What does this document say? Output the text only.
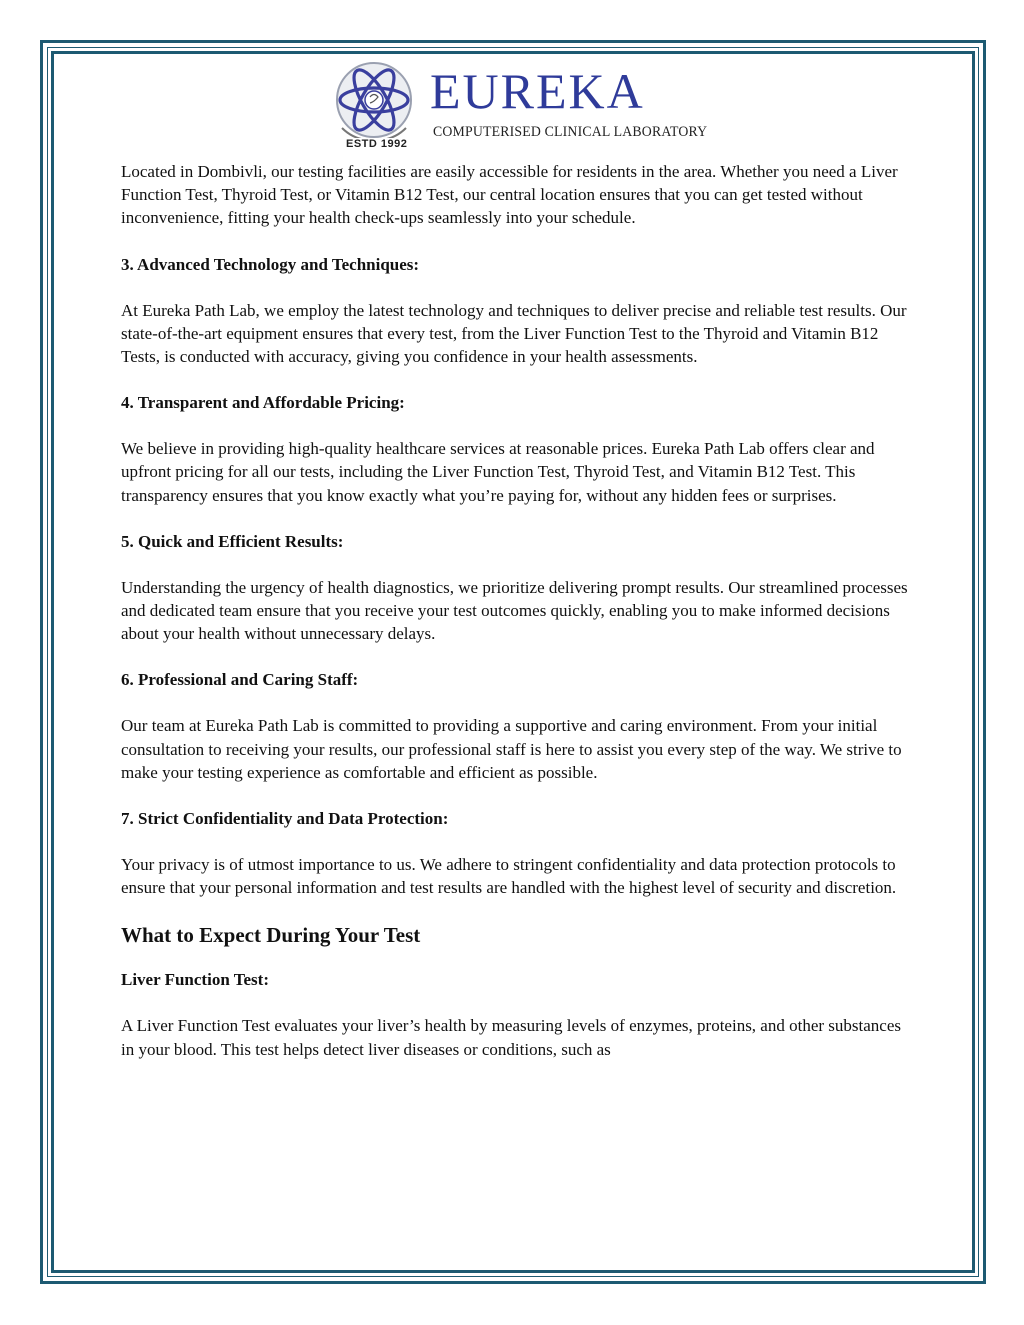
ESTD 1992
EUREKA
COMPUTERISED CLINICAL LABORATORY

Located in Dombivli, our testing facilities are easily accessible for residents in the area. Whether you need a Liver Function Test, Thyroid Test, or Vitamin B12 Test, our central location ensures that you can get tested without inconvenience, fitting your health check-ups seamlessly into your schedule.

3. Advanced Technology and Techniques:

At Eureka Path Lab, we employ the latest technology and techniques to deliver precise and reliable test results. Our state-of-the-art equipment ensures that every test, from the Liver Function Test to the Thyroid and Vitamin B12 Tests, is conducted with accuracy, giving you confidence in your health assessments.

4. Transparent and Affordable Pricing:

We believe in providing high-quality healthcare services at reasonable prices. Eureka Path Lab offers clear and upfront pricing for all our tests, including the Liver Function Test, Thyroid Test, and Vitamin B12 Test. This transparency ensures that you know exactly what you’re paying for, without any hidden fees or surprises.

5. Quick and Efficient Results:

Understanding the urgency of health diagnostics, we prioritize delivering prompt results. Our streamlined processes and dedicated team ensure that you receive your test outcomes quickly, enabling you to make informed decisions about your health without unnecessary delays.

6. Professional and Caring Staff:

Our team at Eureka Path Lab is committed to providing a supportive and caring environment. From your initial consultation to receiving your results, our professional staff is here to assist you every step of the way. We strive to make your testing experience as comfortable and efficient as possible.

7. Strict Confidentiality and Data Protection:

Your privacy is of utmost importance to us. We adhere to stringent confidentiality and data protection protocols to ensure that your personal information and test results are handled with the highest level of security and discretion.

What to Expect During Your Test
Liver Function Test:

A Liver Function Test evaluates your liver’s health by measuring levels of enzymes, proteins, and other substances in your blood. This test helps detect liver diseases or conditions, such as
